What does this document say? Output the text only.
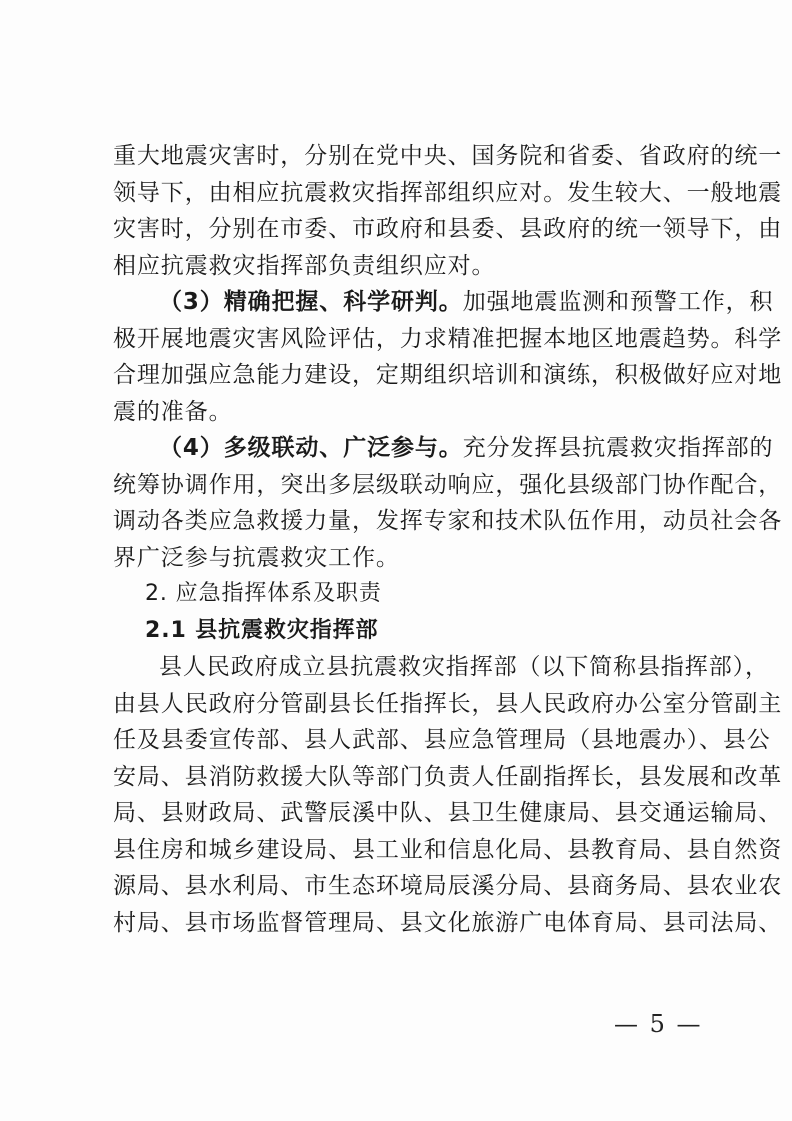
重大地震灾害时，分别在党中央、国务院和省委、省政府的统一
领导下，由相应抗震救灾指挥部组织应对。发生较大、一般地震
灾害时，分别在市委、市政府和县委、县政府的统一领导下，由
相应抗震救灾指挥部负责组织应对。
（3）精确把握、科学研判。加强地震监测和预警工作，积
极开展地震灾害风险评估，力求精准把握本地区地震趋势。科学
合理加强应急能力建设，定期组织培训和演练，积极做好应对地
震的准备。
（4）多级联动、广泛参与。充分发挥县抗震救灾指挥部的
统筹协调作用，突出多层级联动响应，强化县级部门协作配合，
调动各类应急救援力量，发挥专家和技术队伍作用，动员社会各
界广泛参与抗震救灾工作。
2. 应急指挥体系及职责
2.1 县抗震救灾指挥部
县人民政府成立县抗震救灾指挥部（以下简称县指挥部），
由县人民政府分管副县长任指挥长，县人民政府办公室分管副主
任及县委宣传部、县人武部、县应急管理局（县地震办）、县公
安局、县消防救援大队等部门负责人任副指挥长，县发展和改革
局、县财政局、武警辰溪中队、县卫生健康局、县交通运输局、
县住房和城乡建设局、县工业和信息化局、县教育局、县自然资
源局、县水利局、市生态环境局辰溪分局、县商务局、县农业农
村局、县市场监督管理局、县文化旅游广电体育局、县司法局、
— 5 —
